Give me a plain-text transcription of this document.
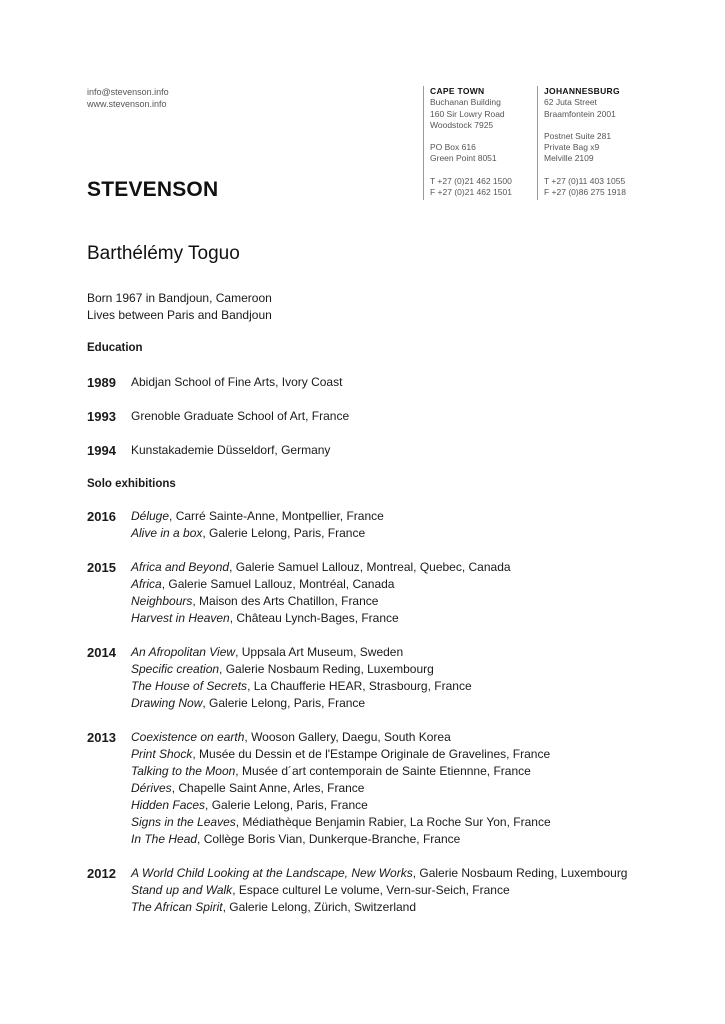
info@stevenson.info
www.stevenson.info
CAPE TOWN
Buchanan Building
160 Sir Lowry Road
Woodstock 7925
PO Box 616
Green Point 8051
T +27 (0)21 462 1500
F +27 (0)21 462 1501
JOHANNESBURG
62 Juta Street
Braamfontein 2001
Postnet Suite 281
Private Bag x9
Melville 2109
T +27 (0)11 403 1055
F +27 (0)86 275 1918
STEVENSON
Barthélémy Toguo
Born 1967 in Bandjoun, Cameroon
Lives between Paris and Bandjoun
Education
1989 Abidjan School of Fine Arts, Ivory Coast
1993 Grenoble Graduate School of Art, France
1994 Kunstakademie Düsseldorf, Germany
Solo exhibitions
2016 Déluge, Carré Sainte-Anne, Montpellier, France
Alive in a box, Galerie Lelong, Paris, France
2015 Africa and Beyond, Galerie Samuel Lallouz, Montreal, Quebec, Canada
Africa, Galerie Samuel Lallouz, Montréal, Canada
Neighbours, Maison des Arts Chatillon, France
Harvest in Heaven, Château Lynch-Bages, France
2014 An Afropolitan View, Uppsala Art Museum, Sweden
Specific creation, Galerie Nosbaum Reding, Luxembourg
The House of Secrets, La Chaufferie HEAR, Strasbourg, France
Drawing Now, Galerie Lelong, Paris, France
2013 Coexistence on earth, Wooson Gallery, Daegu, South Korea
Print Shock, Musée du Dessin et de l'Estampe Originale de Gravelines, France
Talking to the Moon, Musée d´art contemporain de Sainte Etiennne, France
Dérives, Chapelle Saint Anne, Arles, France
Hidden Faces, Galerie Lelong, Paris, France
Signs in the Leaves, Médiathèque Benjamin Rabier, La Roche Sur Yon, France
In The Head, Collège Boris Vian, Dunkerque-Branche, France
2012 A World Child Looking at the Landscape, New Works, Galerie Nosbaum Reding, Luxembourg
Stand up and Walk, Espace culturel Le volume, Vern-sur-Seich, France
The African Spirit, Galerie Lelong, Zürich, Switzerland
